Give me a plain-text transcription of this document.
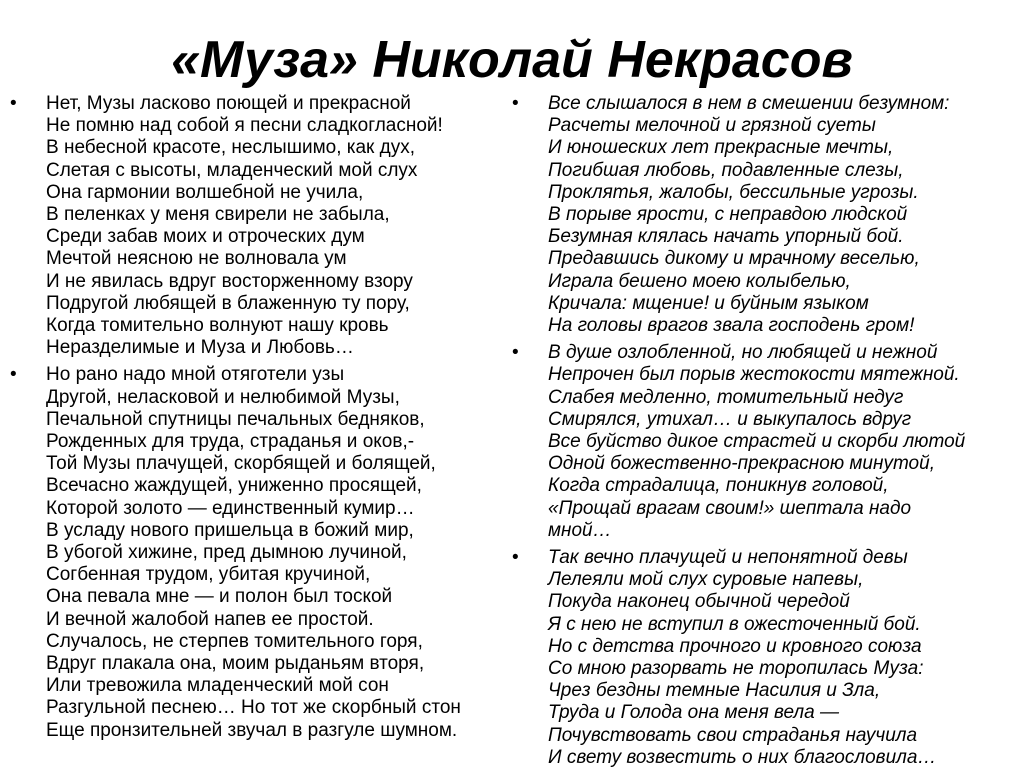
«Муза» Николай Некрасов
• Нет, Музы ласково поющей и прекрасной
Не помню над собой я песни сладкогласной!
В небесной красоте, неслышимо, как дух,
Слетая с высоты, младенческий мой слух
Она гармонии волшебной не учила,
В пеленках у меня свирели не забыла,
Среди забав моих и отроческих дум
Мечтой неясною не волновала ум
И не явилась вдруг восторженному взору
Подругой любящей в блаженную ту пору,
Когда томительно волнуют нашу кровь
Неразделимые и Муза и Любовь…
• Но рано надо мной отяготели узы
Другой, неласковой и нелюбимой Музы,
Печальной спутницы печальных бедняков,
Рожденных для труда, страданья и оков,-
Той Музы плачущей, скорбящей и болящей,
Всечасно жаждущей, униженно просящей,
Которой золото — единственный кумир…
В усладу нового пришельца в божий мир,
В убогой хижине, пред дымною лучиной,
Согбенная трудом, убитая кручиной,
Она певала мне — и полон был тоской
И вечной жалобой напев ее простой.
Случалось, не стерпев томительного горя,
Вдруг плакала она, моим рыданьям вторя,
Или тревожила младенческий мой сон
Разгульной песнею… Но тот же скорбный стон
Еще пронзительней звучал в разгуле шумном.
• Все слышалося в нем в смешении безумном:
Расчеты мелочной и грязной суеты
И юношеских лет прекрасные мечты,
Погибшая любовь, подавленные слезы,
Проклятья, жалобы, бессильные угрозы.
В порыве ярости, с неправдою людской
Безумная клялась начать упорный бой.
Предавшись дикому и мрачному веселью,
Играла бешено моею колыбелью,
Кричала: мщение! и буйным языком
На головы врагов звала господень гром!
• В душе озлобленной, но любящей и нежной
Непрочен был порыв жестокости мятежной.
Слабея медленно, томительный недуг
Смирялся, утихал… и выкупалось вдруг
Все буйство дикое страстей и скорби лютой
Одной божественно-прекрасною минутой,
Когда страдалица, поникнув головой,
«Прощай врагам своим!» шептала надо
мной…
• Так вечно плачущей и непонятной девы
Лелеяли мой слух суровые напевы,
Покуда наконец обычной чередой
Я с нею не вступил в ожесточенный бой.
Но с детства прочного и кровного союза
Со мною разорвать не торопилась Муза:
Чрез бездны темные Насилия и Зла,
Труда и Голода она меня вела —
Почувствовать свои страданья научила
И свету возвестить о них благословила…
